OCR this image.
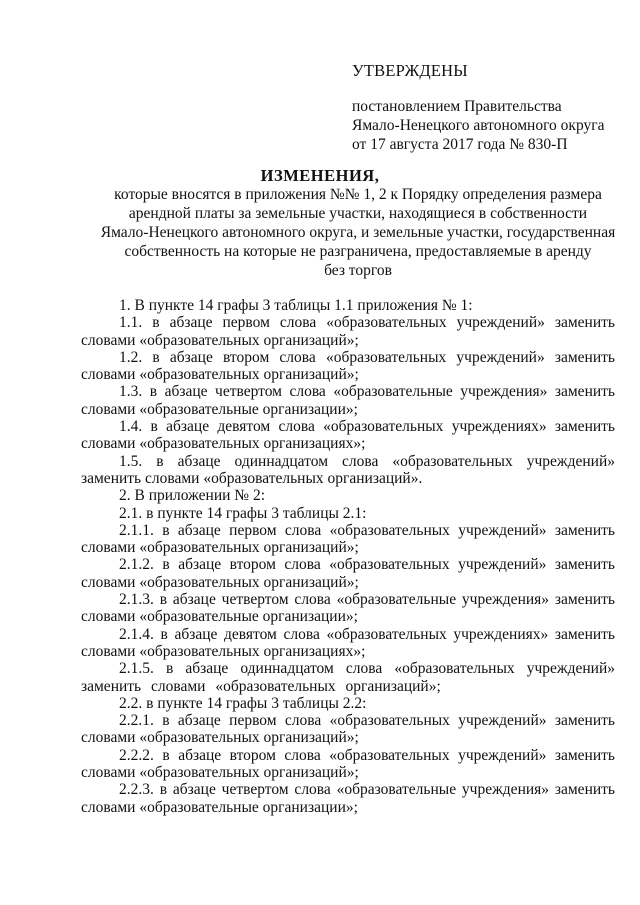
УТВЕРЖДЕНЫ
постановлением Правительства
Ямало-Ненецкого автономного округа
от 17 августа 2017 года № 830-П
ИЗМЕНЕНИЯ,
которые вносятся в приложения №№ 1, 2 к Порядку определения размера
арендной платы за земельные участки, находящиеся в собственности
Ямало-Ненецкого автономного округа, и земельные участки, государственная
собственность на которые не разграничена, предоставляемые в аренду
без торгов

1. В пункте 14 графы 3 таблицы 1.1 приложения № 1:

1.1. в абзаце первом слова «образовательных учреждений» заменить словами «образовательных организаций»;

1.2. в абзаце втором слова «образовательных учреждений» заменить словами «образовательных организаций»;

1.3. в абзаце четвертом слова «образовательные учреждения» заменить словами «образовательные организации»;

1.4. в абзаце девятом слова «образовательных учреждениях» заменить словами «образовательных организациях»;

1.5. в абзаце одиннадцатом слова «образовательных учреждений» заменить словами «образовательных организаций».

2. В приложении № 2:

2.1. в пункте 14 графы 3 таблицы 2.1:

2.1.1. в абзаце первом слова «образовательных учреждений» заменить словами «образовательных организаций»;

2.1.2. в абзаце втором слова «образовательных учреждений» заменить словами «образовательных организаций»;

2.1.3. в абзаце четвертом слова «образовательные учреждения» заменить словами «образовательные организации»;

2.1.4. в абзаце девятом слова «образовательных учреждениях» заменить словами «образовательных организациях»;

2.1.5. в абзаце одиннадцатом слова «образовательных учреждений» заменить словами «образовательных организаций»;

2.2. в пункте 14 графы 3 таблицы 2.2:

2.2.1. в абзаце первом слова «образовательных учреждений» заменить словами «образовательных организаций»;

2.2.2. в абзаце втором слова «образовательных учреждений» заменить словами «образовательных организаций»;

2.2.3. в абзаце четвертом слова «образовательные учреждения» заменить словами «образовательные организации»;
